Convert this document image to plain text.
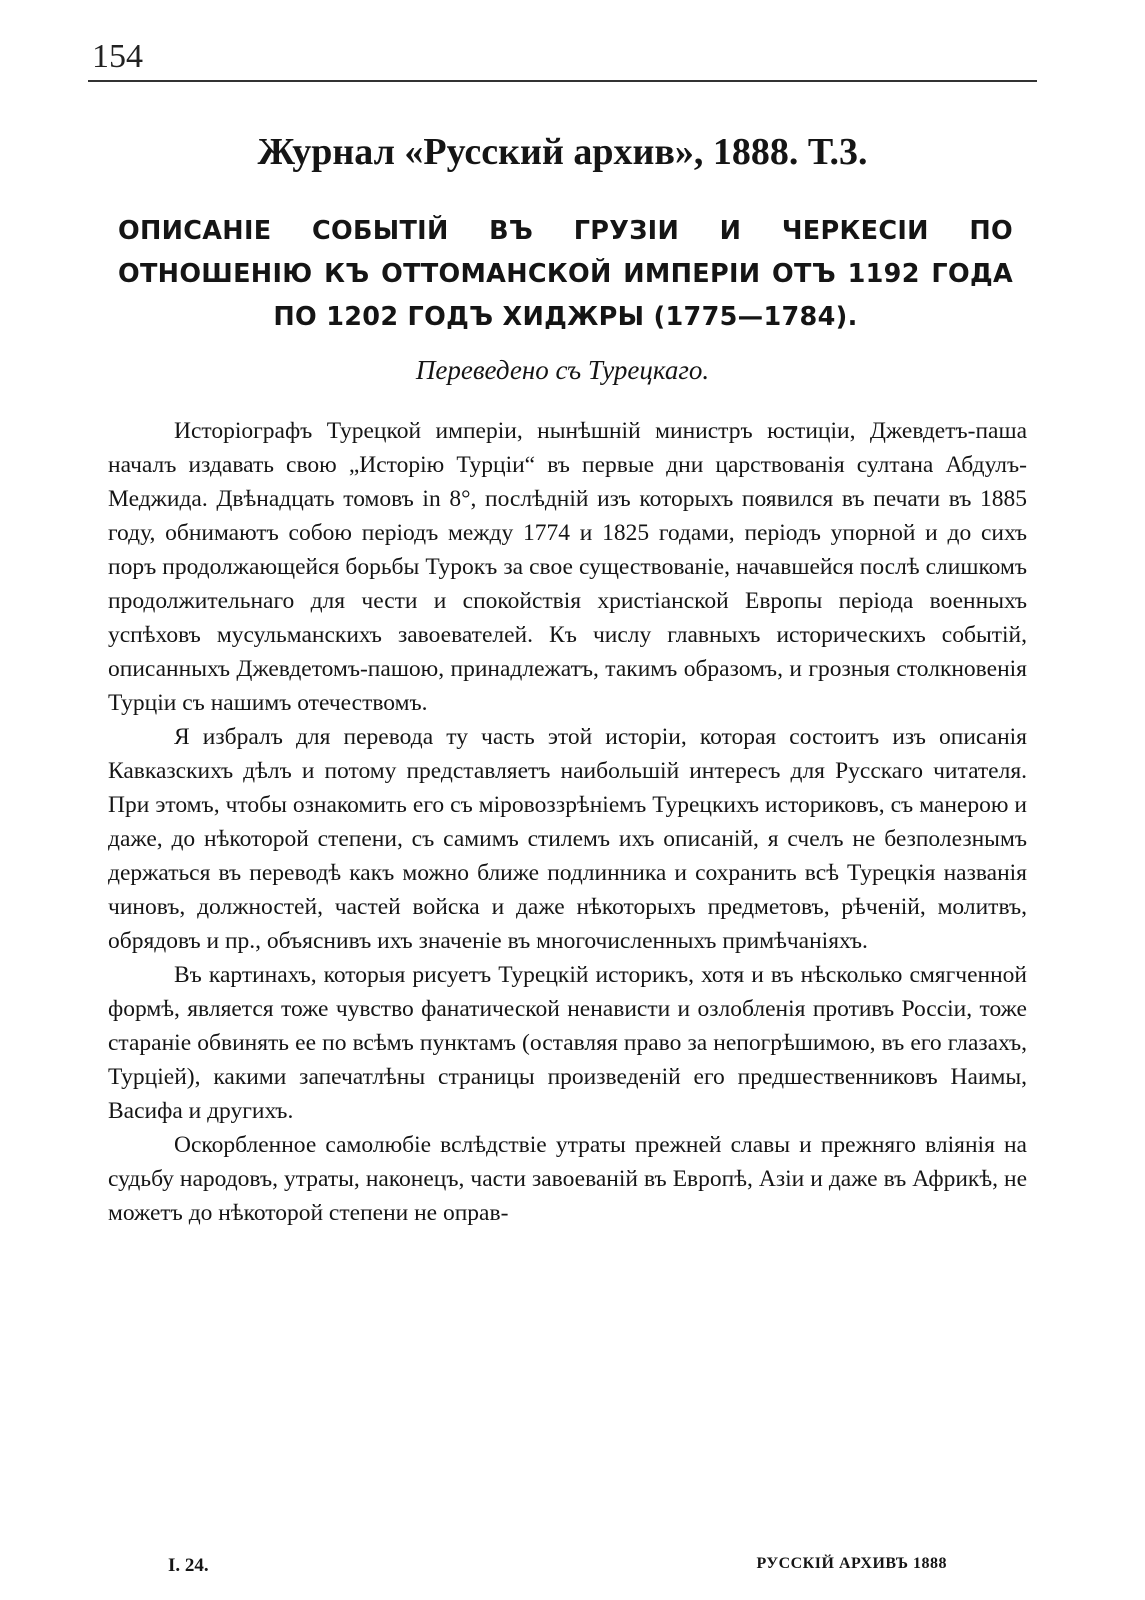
154
Журнал «Русский архив», 1888. Т.3.
ОПИСАНІЕ СОБЫТІЙ ВЪ ГРУЗІИ И ЧЕРКЕСІИ ПО ОТНОШЕНІЮ КЪ ОТТОМАНСКОЙ ИМПЕРІИ ОТЪ 1192 ГОДА ПО 1202 ГОДЪ ХИДЖРЫ (1775—1784).
Переведено съ Турецкаго.

Исторіографъ Турецкой имперіи, нынѣшній министръ юстиціи, Джевдетъ-паша началъ издавать свою „Исторію Турціи“ въ первые дни царствованія султана Абдулъ-Меджида. Двѣнадцать томовъ in 8°, послѣдній изъ которыхъ появился въ печати въ 1885 году, обнимаютъ собою періодъ между 1774 и 1825 годами, періодъ упорной и до сихъ поръ продолжающейся борьбы Турокъ за свое существованіе, начавшейся послѣ слишкомъ продолжительнаго для чести и спокойствія христіанской Европы періода военныхъ успѣховъ мусульманскихъ завоевателей. Къ числу главныхъ историческихъ событій, описанныхъ Джевдетомъ-пашою, принадлежатъ, такимъ образомъ, и грозныя столкновенія Турціи съ нашимъ отечествомъ.

Я избралъ для перевода ту часть этой исторіи, которая состоитъ изъ описанія Кавказскихъ дѣлъ и потому представляетъ наибольшій интересъ для Русскаго читателя. При этомъ, чтобы ознакомить его съ міровоззрѣніемъ Турецкихъ историковъ, съ манерою и даже, до нѣкоторой степени, съ самимъ стилемъ ихъ описаній, я счелъ не безполезнымъ держаться въ переводѣ какъ можно ближе подлинника и сохранить всѣ Турецкія названія чиновъ, должностей, частей войска и даже нѣкоторыхъ предметовъ, рѣченій, молитвъ, обрядовъ и пр., объяснивъ ихъ значеніе въ многочисленныхъ примѣчаніяхъ.

Въ картинахъ, которыя рисуетъ Турецкій историкъ, хотя и въ нѣсколько смягченной формѣ, является тоже чувство фанатической ненависти и озлобленія противъ Россіи, тоже стараніе обвинять ее по всѣмъ пунктамъ (оставляя право за непогрѣшимою, въ его глазахъ, Турціей), какими запечатлѣны страницы произведеній его предшественниковъ Наимы, Васифа и другихъ.

Оскорбленное самолюбіе вслѣдствіе утраты прежней славы и прежняго вліянія на судьбу народовъ, утраты, наконецъ, части завоеваній въ Европѣ, Азіи и даже въ Африкѣ, не можетъ до нѣкоторой степени не оправ-

I. 24.	РУССКІЙ АРХИВЪ 1888
